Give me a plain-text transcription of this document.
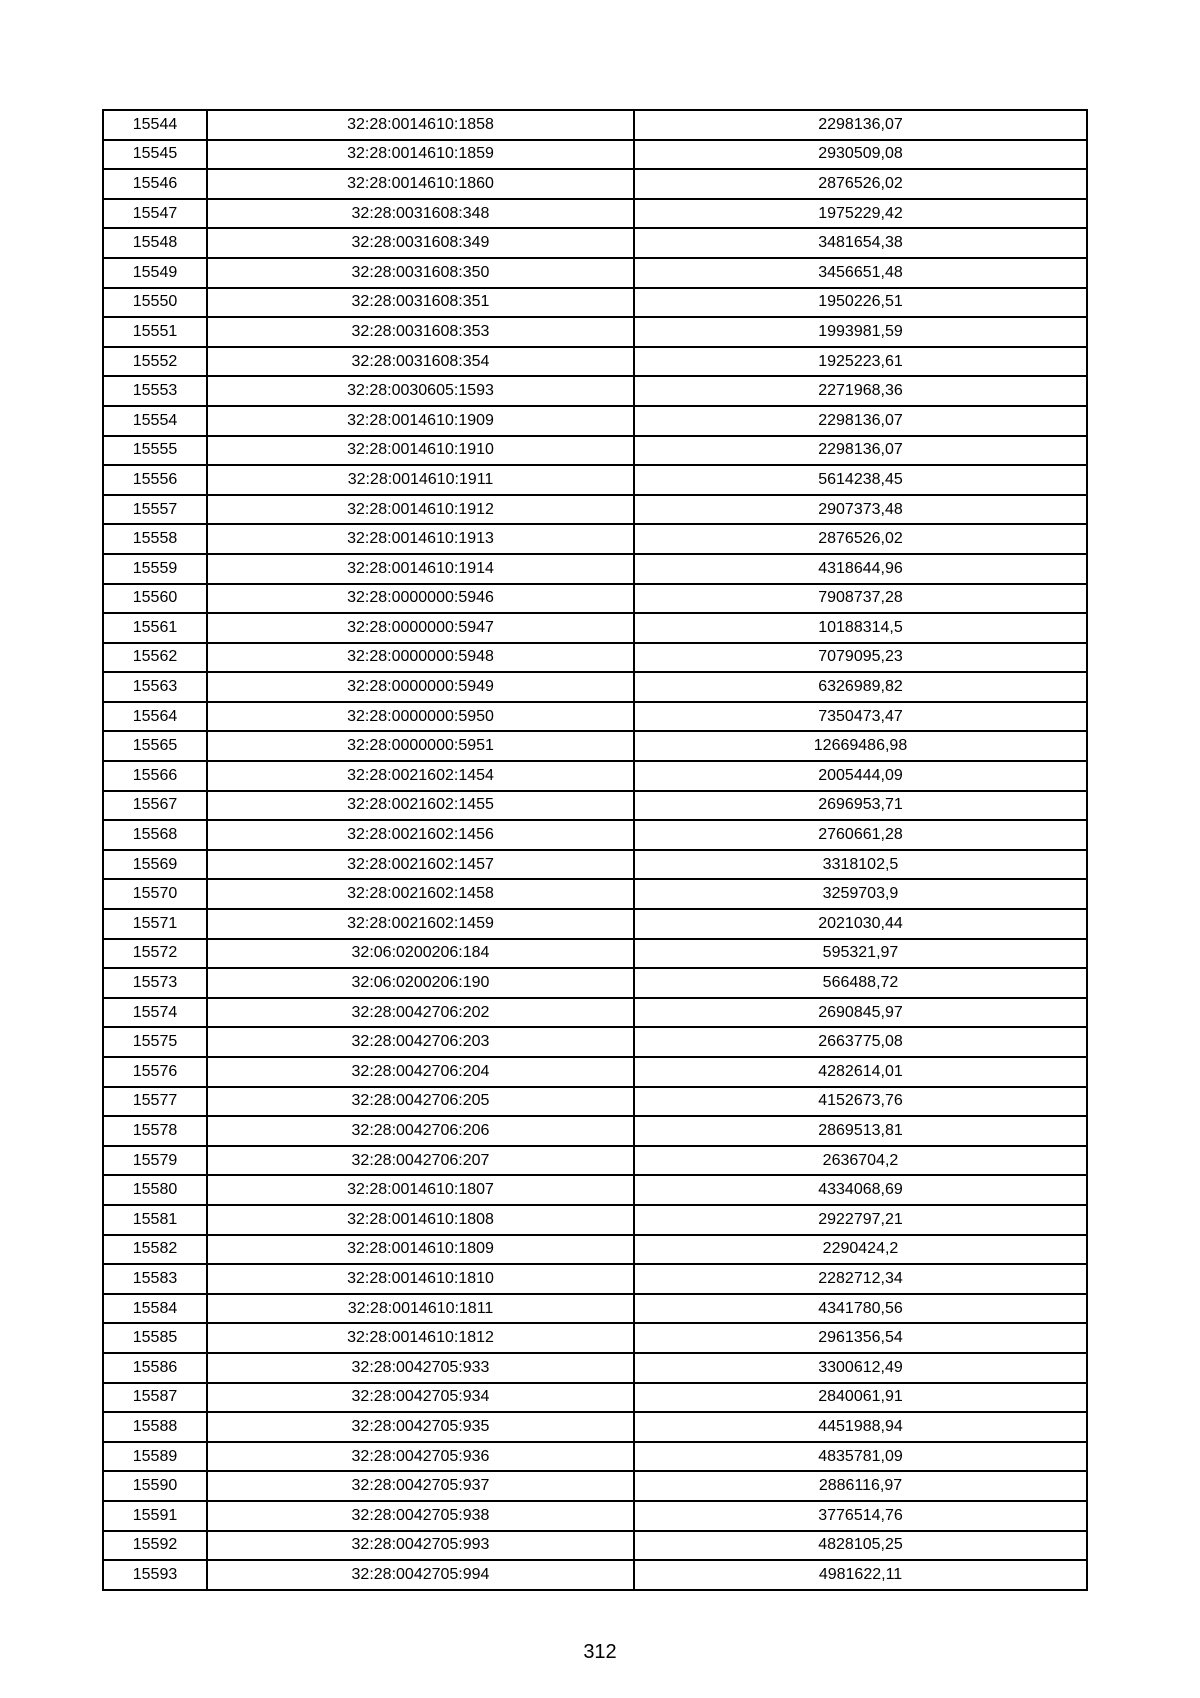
15544	32:28:0014610:1858	2298136,07
15545	32:28:0014610:1859	2930509,08
15546	32:28:0014610:1860	2876526,02
15547	32:28:0031608:348	1975229,42
15548	32:28:0031608:349	3481654,38
15549	32:28:0031608:350	3456651,48
15550	32:28:0031608:351	1950226,51
15551	32:28:0031608:353	1993981,59
15552	32:28:0031608:354	1925223,61
15553	32:28:0030605:1593	2271968,36
15554	32:28:0014610:1909	2298136,07
15555	32:28:0014610:1910	2298136,07
15556	32:28:0014610:1911	5614238,45
15557	32:28:0014610:1912	2907373,48
15558	32:28:0014610:1913	2876526,02
15559	32:28:0014610:1914	4318644,96
15560	32:28:0000000:5946	7908737,28
15561	32:28:0000000:5947	10188314,5
15562	32:28:0000000:5948	7079095,23
15563	32:28:0000000:5949	6326989,82
15564	32:28:0000000:5950	7350473,47
15565	32:28:0000000:5951	12669486,98
15566	32:28:0021602:1454	2005444,09
15567	32:28:0021602:1455	2696953,71
15568	32:28:0021602:1456	2760661,28
15569	32:28:0021602:1457	3318102,5
15570	32:28:0021602:1458	3259703,9
15571	32:28:0021602:1459	2021030,44
15572	32:06:0200206:184	595321,97
15573	32:06:0200206:190	566488,72
15574	32:28:0042706:202	2690845,97
15575	32:28:0042706:203	2663775,08
15576	32:28:0042706:204	4282614,01
15577	32:28:0042706:205	4152673,76
15578	32:28:0042706:206	2869513,81
15579	32:28:0042706:207	2636704,2
15580	32:28:0014610:1807	4334068,69
15581	32:28:0014610:1808	2922797,21
15582	32:28:0014610:1809	2290424,2
15583	32:28:0014610:1810	2282712,34
15584	32:28:0014610:1811	4341780,56
15585	32:28:0014610:1812	2961356,54
15586	32:28:0042705:933	3300612,49
15587	32:28:0042705:934	2840061,91
15588	32:28:0042705:935	4451988,94
15589	32:28:0042705:936	4835781,09
15590	32:28:0042705:937	2886116,97
15591	32:28:0042705:938	3776514,76
15592	32:28:0042705:993	4828105,25
15593	32:28:0042705:994	4981622,11
312
